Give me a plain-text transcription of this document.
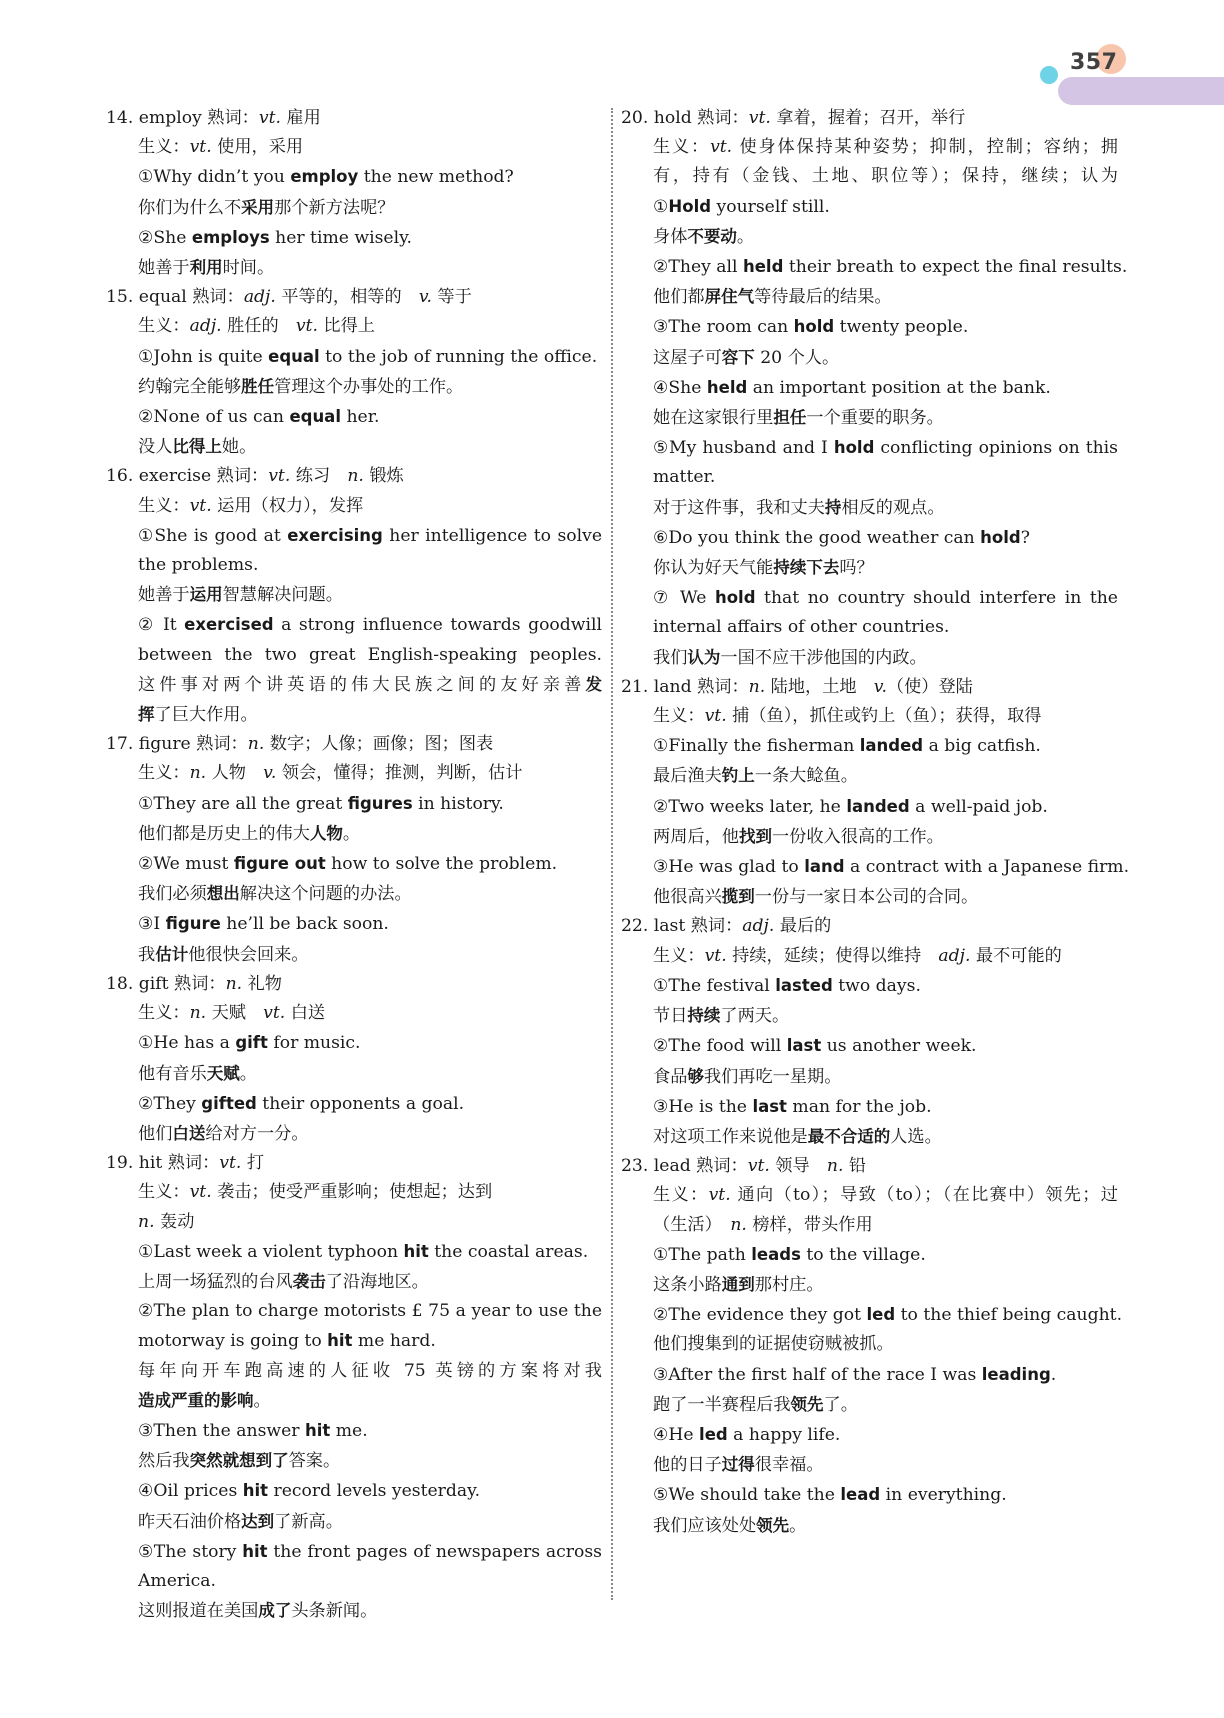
357
14. employ 熟词：vt. 雇用
生义：vt. 使用，采用
①Why didn’t you employ the new method?
你们为什么不采用那个新方法呢？
②She employs her time wisely.
她善于利用时间。
15. equal 熟词：adj. 平等的，相等的　v. 等于
生义：adj. 胜任的　vt. 比得上
①John is quite equal to the job of running the office.
约翰完全能够胜任管理这个办事处的工作。
②None of us can equal her.
没人比得上她。
16. exercise 熟词：vt. 练习　n. 锻炼
生义：vt. 运用（权力），发挥
①She is good at exercising her intelligence to solve
the problems.
她善于运用智慧解决问题。
② It exercised a strong influence towards goodwill
between the two great English-speaking peoples.
这件事对两个讲英语的伟大民族之间的友好亲善发
挥了巨大作用。
17. figure 熟词：n. 数字；人像；画像；图；图表
生义：n. 人物　v. 领会，懂得；推测，判断，估计
①They are all the great figures in history.
他们都是历史上的伟大人物。
②We must figure out how to solve the problem.
我们必须想出解决这个问题的办法。
③I figure he’ll be back soon.
我估计他很快会回来。
18. gift 熟词：n. 礼物
生义：n. 天赋　vt. 白送
①He has a gift for music.
他有音乐天赋。
②They gifted their opponents a goal.
他们白送给对方一分。
19. hit 熟词：vt. 打
生义：vt. 袭击；使受严重影响；使想起；达到
n. 轰动
①Last week a violent typhoon hit the coastal areas.
上周一场猛烈的台风袭击了沿海地区。
②The plan to charge motorists £ 75 a year to use the
motorway is going to hit me hard.
每年向开车跑高速的人征收 75 英镑的方案将对我
造成严重的影响。
③Then the answer hit me.
然后我突然就想到了答案。
④Oil prices hit record levels yesterday.
昨天石油价格达到了新高。
⑤The story hit the front pages of newspapers across
America.
这则报道在美国成了头条新闻。
20. hold 熟词：vt. 拿着，握着；召开，举行
生义：vt. 使身体保持某种姿势；抑制，控制；容纳；拥
有，持有（金钱、土地、职位等）；保持，继续；认为
①Hold yourself still.
身体不要动。
②They all held their breath to expect the final results.
他们都屏住气等待最后的结果。
③The room can hold twenty people.
这屋子可容下 20 个人。
④She held an important position at the bank.
她在这家银行里担任一个重要的职务。
⑤My husband and I hold conflicting opinions on this
matter.
对于这件事，我和丈夫持相反的观点。
⑥Do you think the good weather can hold?
你认为好天气能持续下去吗？
⑦ We hold that no country should interfere in the
internal affairs of other countries.
我们认为一国不应干涉他国的内政。
21. land 熟词：n. 陆地，土地　v.（使）登陆
生义：vt. 捕（鱼），抓住或钓上（鱼）；获得，取得
①Finally the fisherman landed a big catfish.
最后渔夫钓上一条大鲶鱼。
②Two weeks later, he landed a well-paid job.
两周后，他找到一份收入很高的工作。
③He was glad to land a contract with a Japanese firm.
他很高兴揽到一份与一家日本公司的合同。
22. last 熟词：adj. 最后的
生义：vt. 持续，延续；使得以维持　adj. 最不可能的
①The festival lasted two days.
节日持续了两天。
②The food will last us another week.
食品够我们再吃一星期。
③He is the last man for the job.
对这项工作来说他是最不合适的人选。
23. lead 熟词：vt. 领导　n. 铅
生义：vt. 通向（to）；导致（to）；（在比赛中）领先；过
（生活）　n. 榜样，带头作用
①The path leads to the village.
这条小路通到那村庄。
②The evidence they got led to the thief being caught.
他们搜集到的证据使窃贼被抓。
③After the first half of the race I was leading.
跑了一半赛程后我领先了。
④He led a happy life.
他的日子过得很幸福。
⑤We should take the lead in everything.
我们应该处处领先。
